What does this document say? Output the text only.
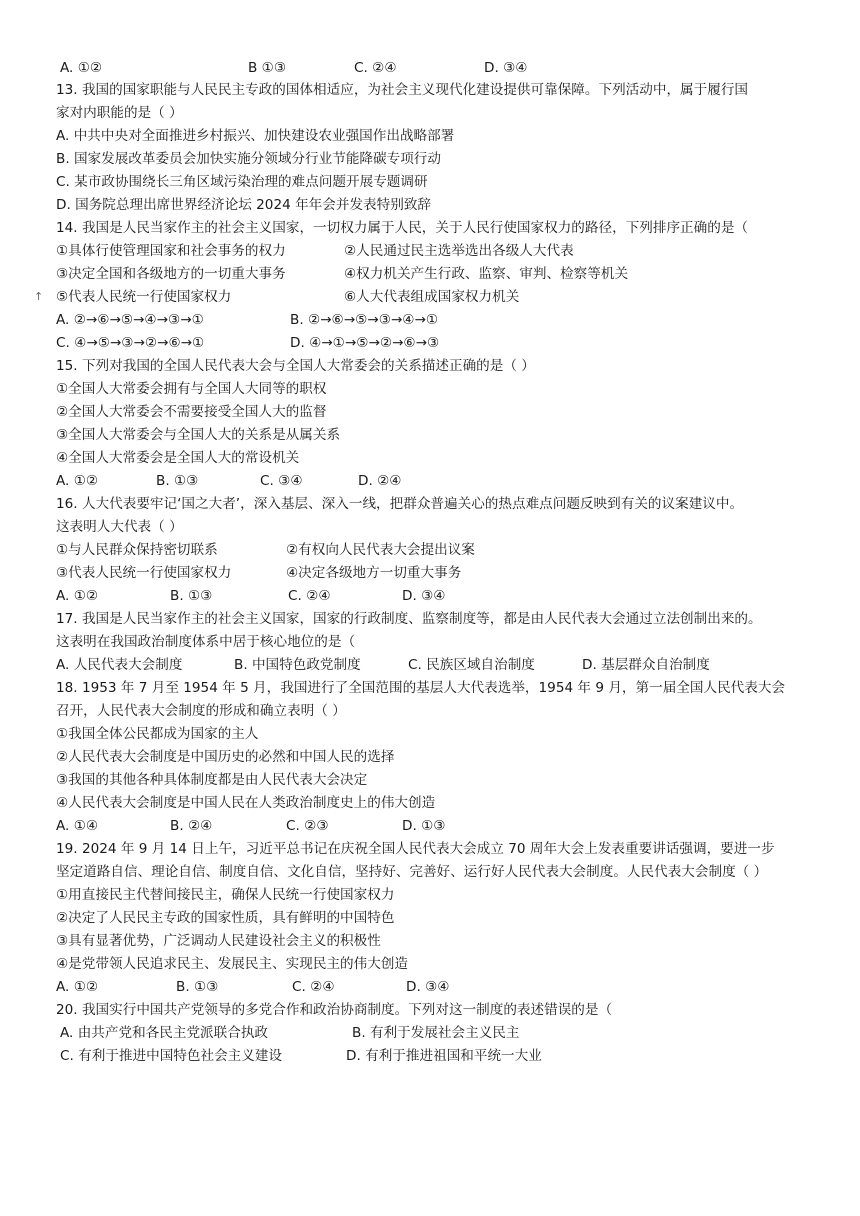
A. ①②	B ①③	C. ②④	D. ③④
13. 我国的国家职能与人民民主专政的国体相适应，为社会主义现代化建设提供可靠保障。下列活动中，属于履行国
家对内职能的是（ ）
A. 中共中央对全面推进乡村振兴、加快建设农业强国作出战略部署
B. 国家发展改革委员会加快实施分领域分行业节能降碳专项行动
C. 某市政协围绕长三角区域污染治理的难点问题开展专题调研
D. 国务院总理出席世界经济论坛 2024 年年会并发表特别致辞
14. 我国是人民当家作主的社会主义国家，一切权力属于人民，关于人民行使国家权力的路径，下列排序正确的是（
①具体行使管理国家和社会事务的权力	②人民通过民主选举选出各级人大代表
③决定全国和各级地方的一切重大事务	④权力机关产生行政、监察、审判、检察等机关
↑ ⑤代表人民统一行使国家权力	⑥人大代表组成国家权力机关
A. ②→⑥→⑤→④→③→①	B. ②→⑥→⑤→③→④→①
C. ④→⑤→③→②→⑥→①	D. ④→①→⑤→②→⑥→③
15. 下列对我国的全国人民代表大会与全国人大常委会的关系描述正确的是（ ）
①全国人大常委会拥有与全国人大同等的职权
②全国人大常委会不需要接受全国人大的监督
③全国人大常委会与全国人大的关系是从属关系
④全国人大常委会是全国人大的常设机关
A. ①②	B. ①③	C. ③④	D. ②④
16. 人大代表要牢记‘国之大者’，深入基层、深入一线，把群众普遍关心的热点难点问题反映到有关的议案建议中。
这表明人大代表（ ）
①与人民群众保持密切联系	②有权向人民代表大会提出议案
③代表人民统一行使国家权力	④决定各级地方一切重大事务
A. ①②	B. ①③	C. ②④	D. ③④
17. 我国是人民当家作主的社会主义国家，国家的行政制度、监察制度等，都是由人民代表大会通过立法创制出来的。
这表明在我国政治制度体系中居于核心地位的是（
A. 人民代表大会制度	B. 中国特色政党制度	C. 民族区域自治制度	D. 基层群众自治制度
18. 1953 年 7 月至 1954 年 5 月，我国进行了全国范围的基层人大代表选举，1954 年 9 月，第一届全国人民代表大会
召开，人民代表大会制度的形成和确立表明（ ）
①我国全体公民都成为国家的主人
②人民代表大会制度是中国历史的必然和中国人民的选择
③我国的其他各种具体制度都是由人民代表大会决定
④人民代表大会制度是中国人民在人类政治制度史上的伟大创造
A. ①④	B. ②④	C. ②③	D. ①③
19. 2024 年 9 月 14 日上午，习近平总书记在庆祝全国人民代表大会成立 70 周年大会上发表重要讲话强调，要进一步
坚定道路自信、理论自信、制度自信、文化自信，坚持好、完善好、运行好人民代表大会制度。人民代表大会制度（ ）
①用直接民主代替间接民主，确保人民统一行使国家权力
②决定了人民民主专政的国家性质，具有鲜明的中国特色
③具有显著优势，广泛调动人民建设社会主义的积极性
④是党带领人民追求民主、发展民主、实现民主的伟大创造
A. ①②	B. ①③	C. ②④	D. ③④
20. 我国实行中国共产党领导的多党合作和政治协商制度。下列对这一制度的表述错误的是（
A. 由共产党和各民主党派联合执政	B. 有利于发展社会主义民主
C. 有利于推进中国特色社会主义建设	D. 有利于推进祖国和平统一大业
